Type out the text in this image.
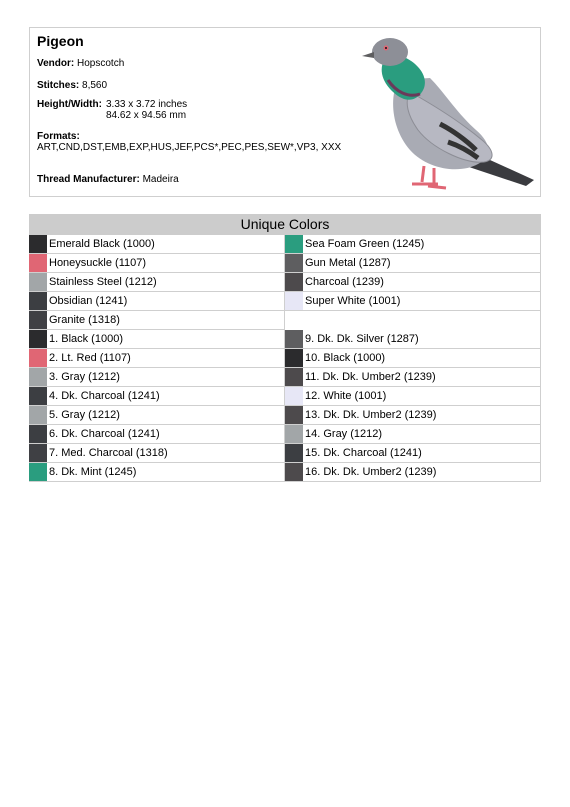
Pigeon
Vendor: Hopscotch
Stitches: 8,560
Height/Width: 3.33 x 3.72 inches
84.62 x 94.56 mm
Formats:
ART,CND,DST,EMB,EXP,HUS,JEF,PCS*,PEC,PES,SEW*,VP3, XXX
Thread Manufacturer: Madeira
Unique Colors
Emerald Black (1000)	Sea Foam Green (1245)
Honeysuckle (1107)	Gun Metal (1287)
Stainless Steel (1212)	Charcoal (1239)
Obsidian (1241)	Super White (1001)
Granite (1318)
1. Black (1000)	9. Dk. Dk. Silver (1287)
2. Lt. Red (1107)	10. Black (1000)
3. Gray (1212)	11. Dk. Dk. Umber2 (1239)
4. Dk. Charcoal (1241)	12. White (1001)
5. Gray (1212)	13. Dk. Dk. Umber2 (1239)
6. Dk. Charcoal (1241)	14. Gray (1212)
7. Med. Charcoal (1318)	15. Dk. Charcoal (1241)
8. Dk. Mint (1245)	16. Dk. Dk. Umber2 (1239)
